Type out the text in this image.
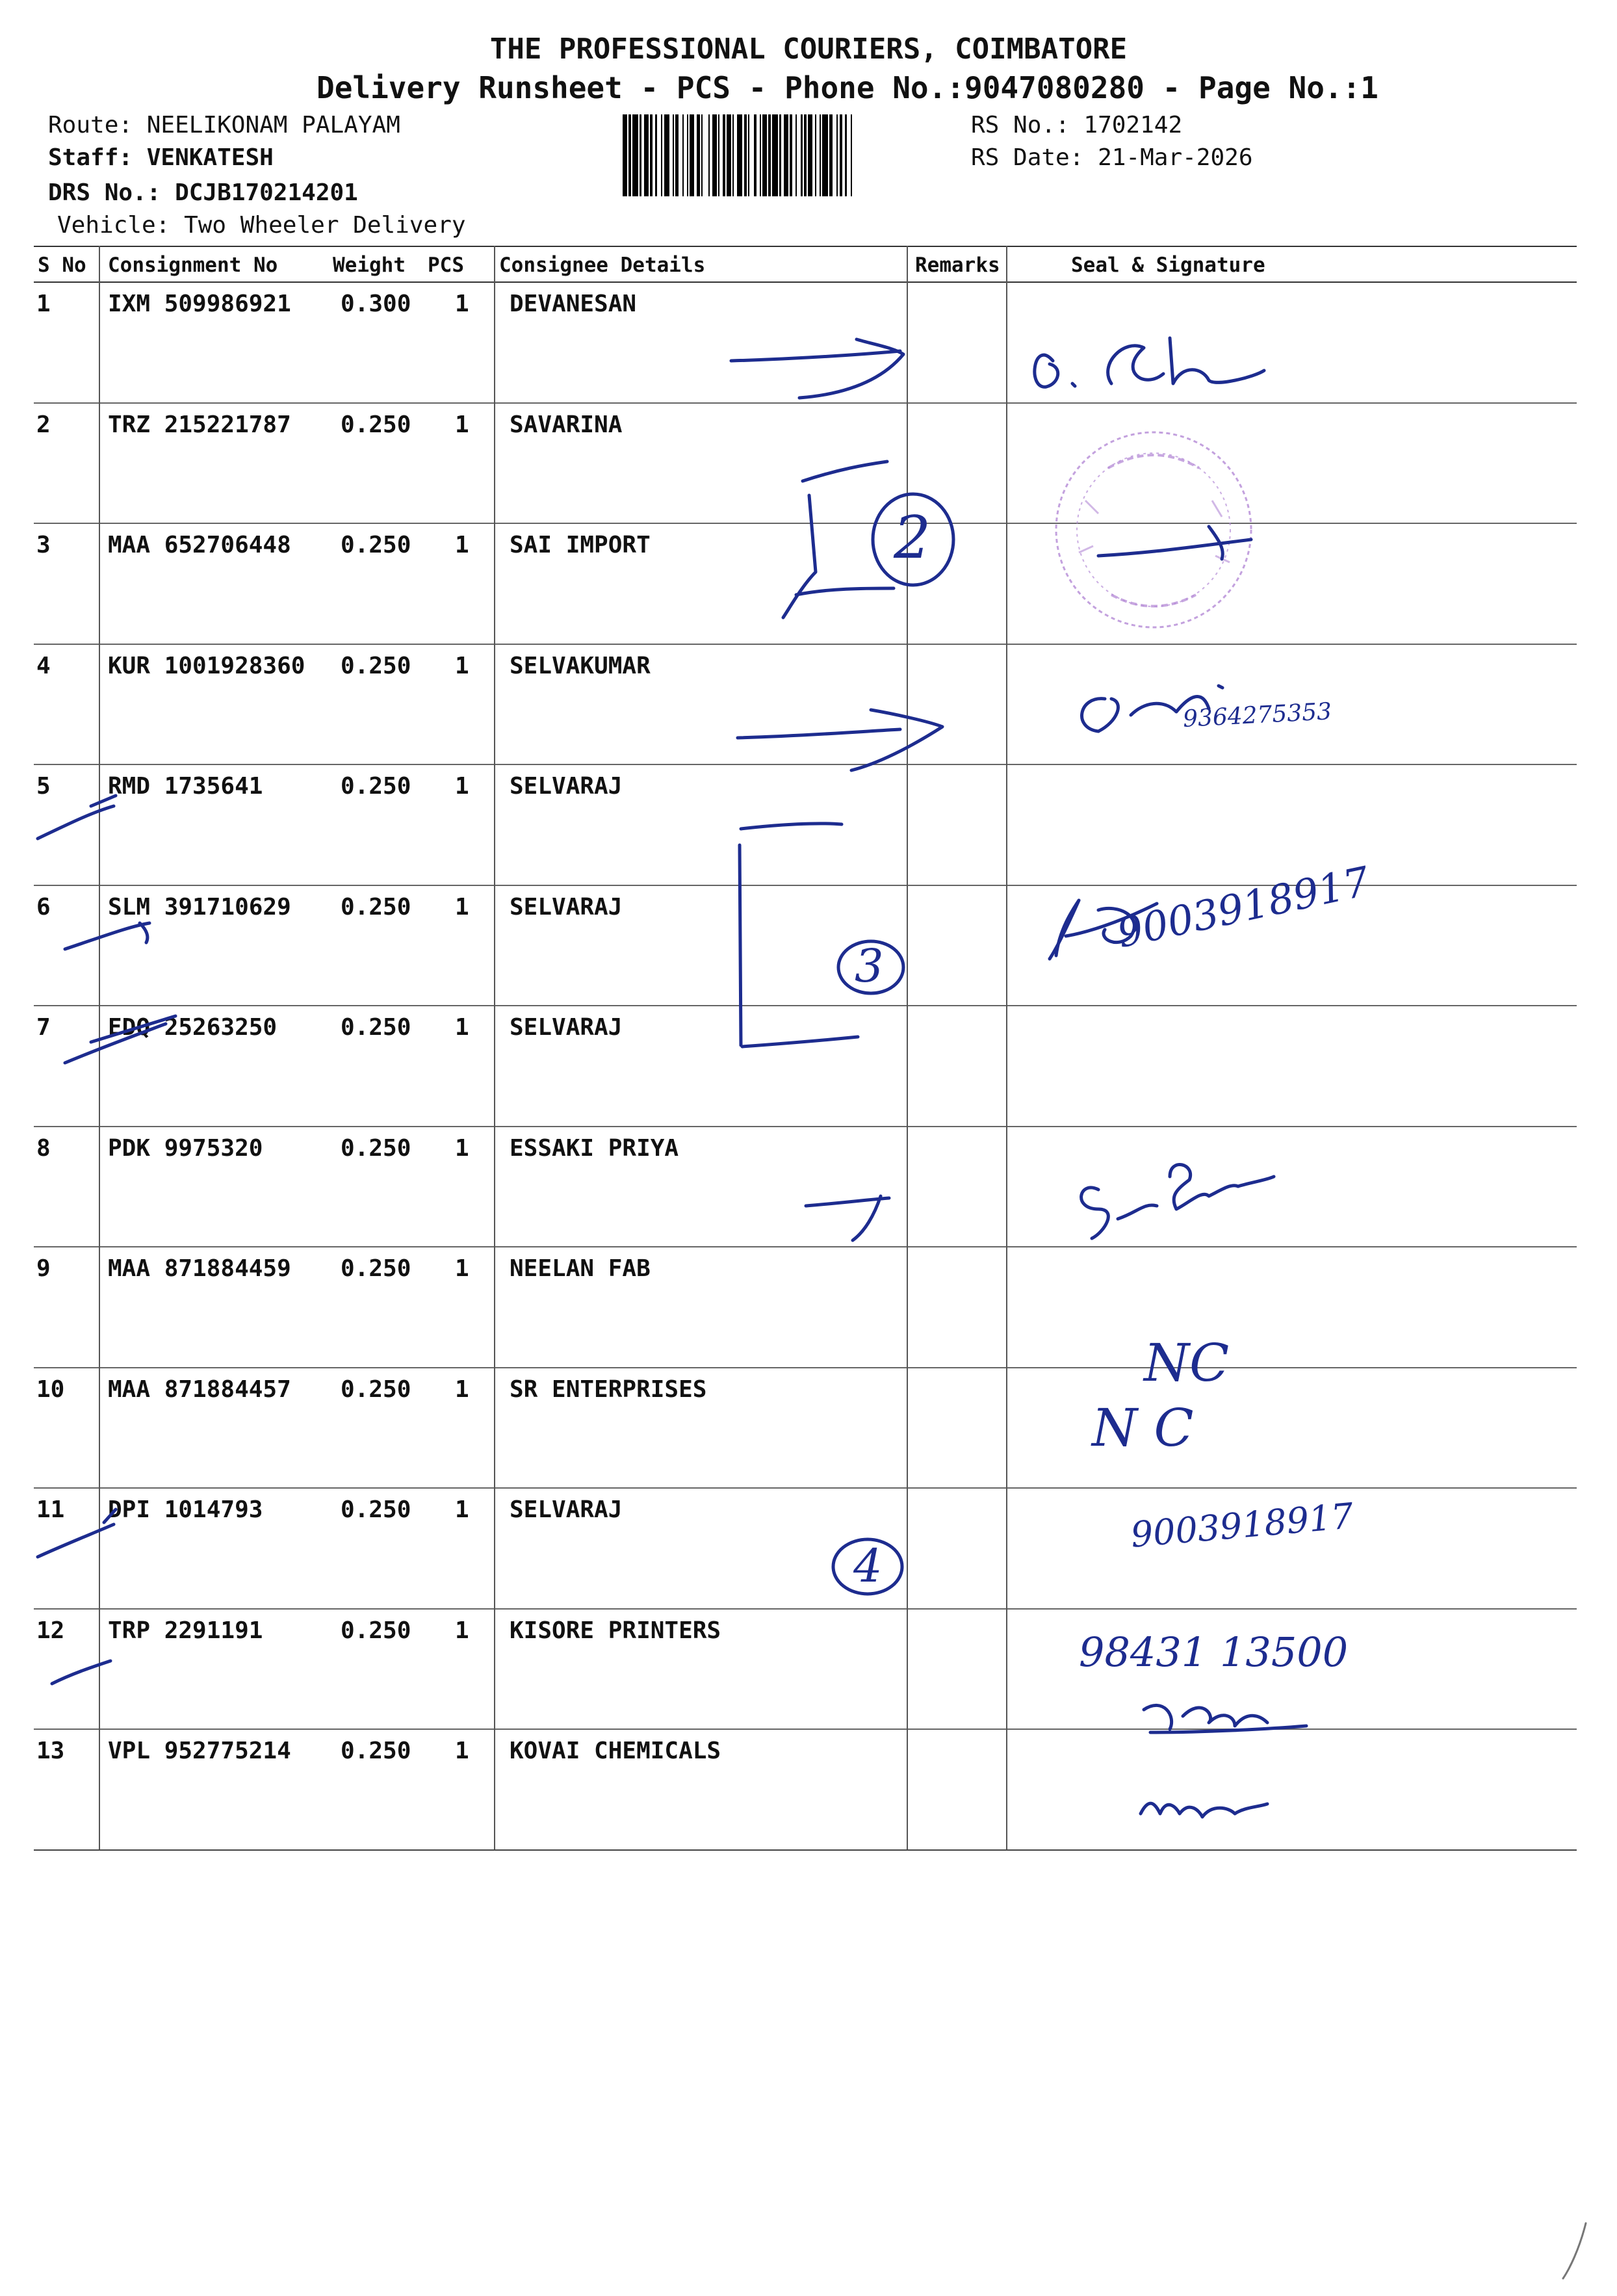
THE PROFESSIONAL COURIERS, COIMBATORE
Delivery Runsheet - PCS - Phone No.:9047080280 - Page No.:1
Route: NEELIKONAM PALAYAM
Staff: VENKATESH
DRS No.: DCJB170214201
Vehicle: Two Wheeler Delivery
RS No.: 1702142
RS Date: 21-Mar-2026
S No Consignment No	Weight PCS Consignee Details	Remarks	Seal & Signature
1 IXM 509986921 0.300 1 DEVANESAN
2 TRZ 215221787 0.250 1 SAVARINA
3 MAA 652706448 0.250 1 SAI IMPORT
4 KUR 1001928360 0.250 1 SELVAKUMAR
5 RMD 1735641	0.250 1 SELVARAJ
6 SLM 391710629 0.250 1 SELVARAJ
7 EDQ 25263250	0.250 1 SELVARAJ
8 PDK 9975320	0.250 1 ESSAKI PRIYA
9 MAA 871884459 0.250 1 NEELAN FAB
10 MAA 871884457 0.250 1 SR ENTERPRISES
11 DPI 1014793	0.250 1 SELVARAJ
12 TRP 2291191	0.250 1 KISORE PRINTERS
13 VPL 952775214 0.250 1 KOVAI CHEMICALS
2
3
4
9364275353
9003918917
NC
N C
9003918917
98431 13500
